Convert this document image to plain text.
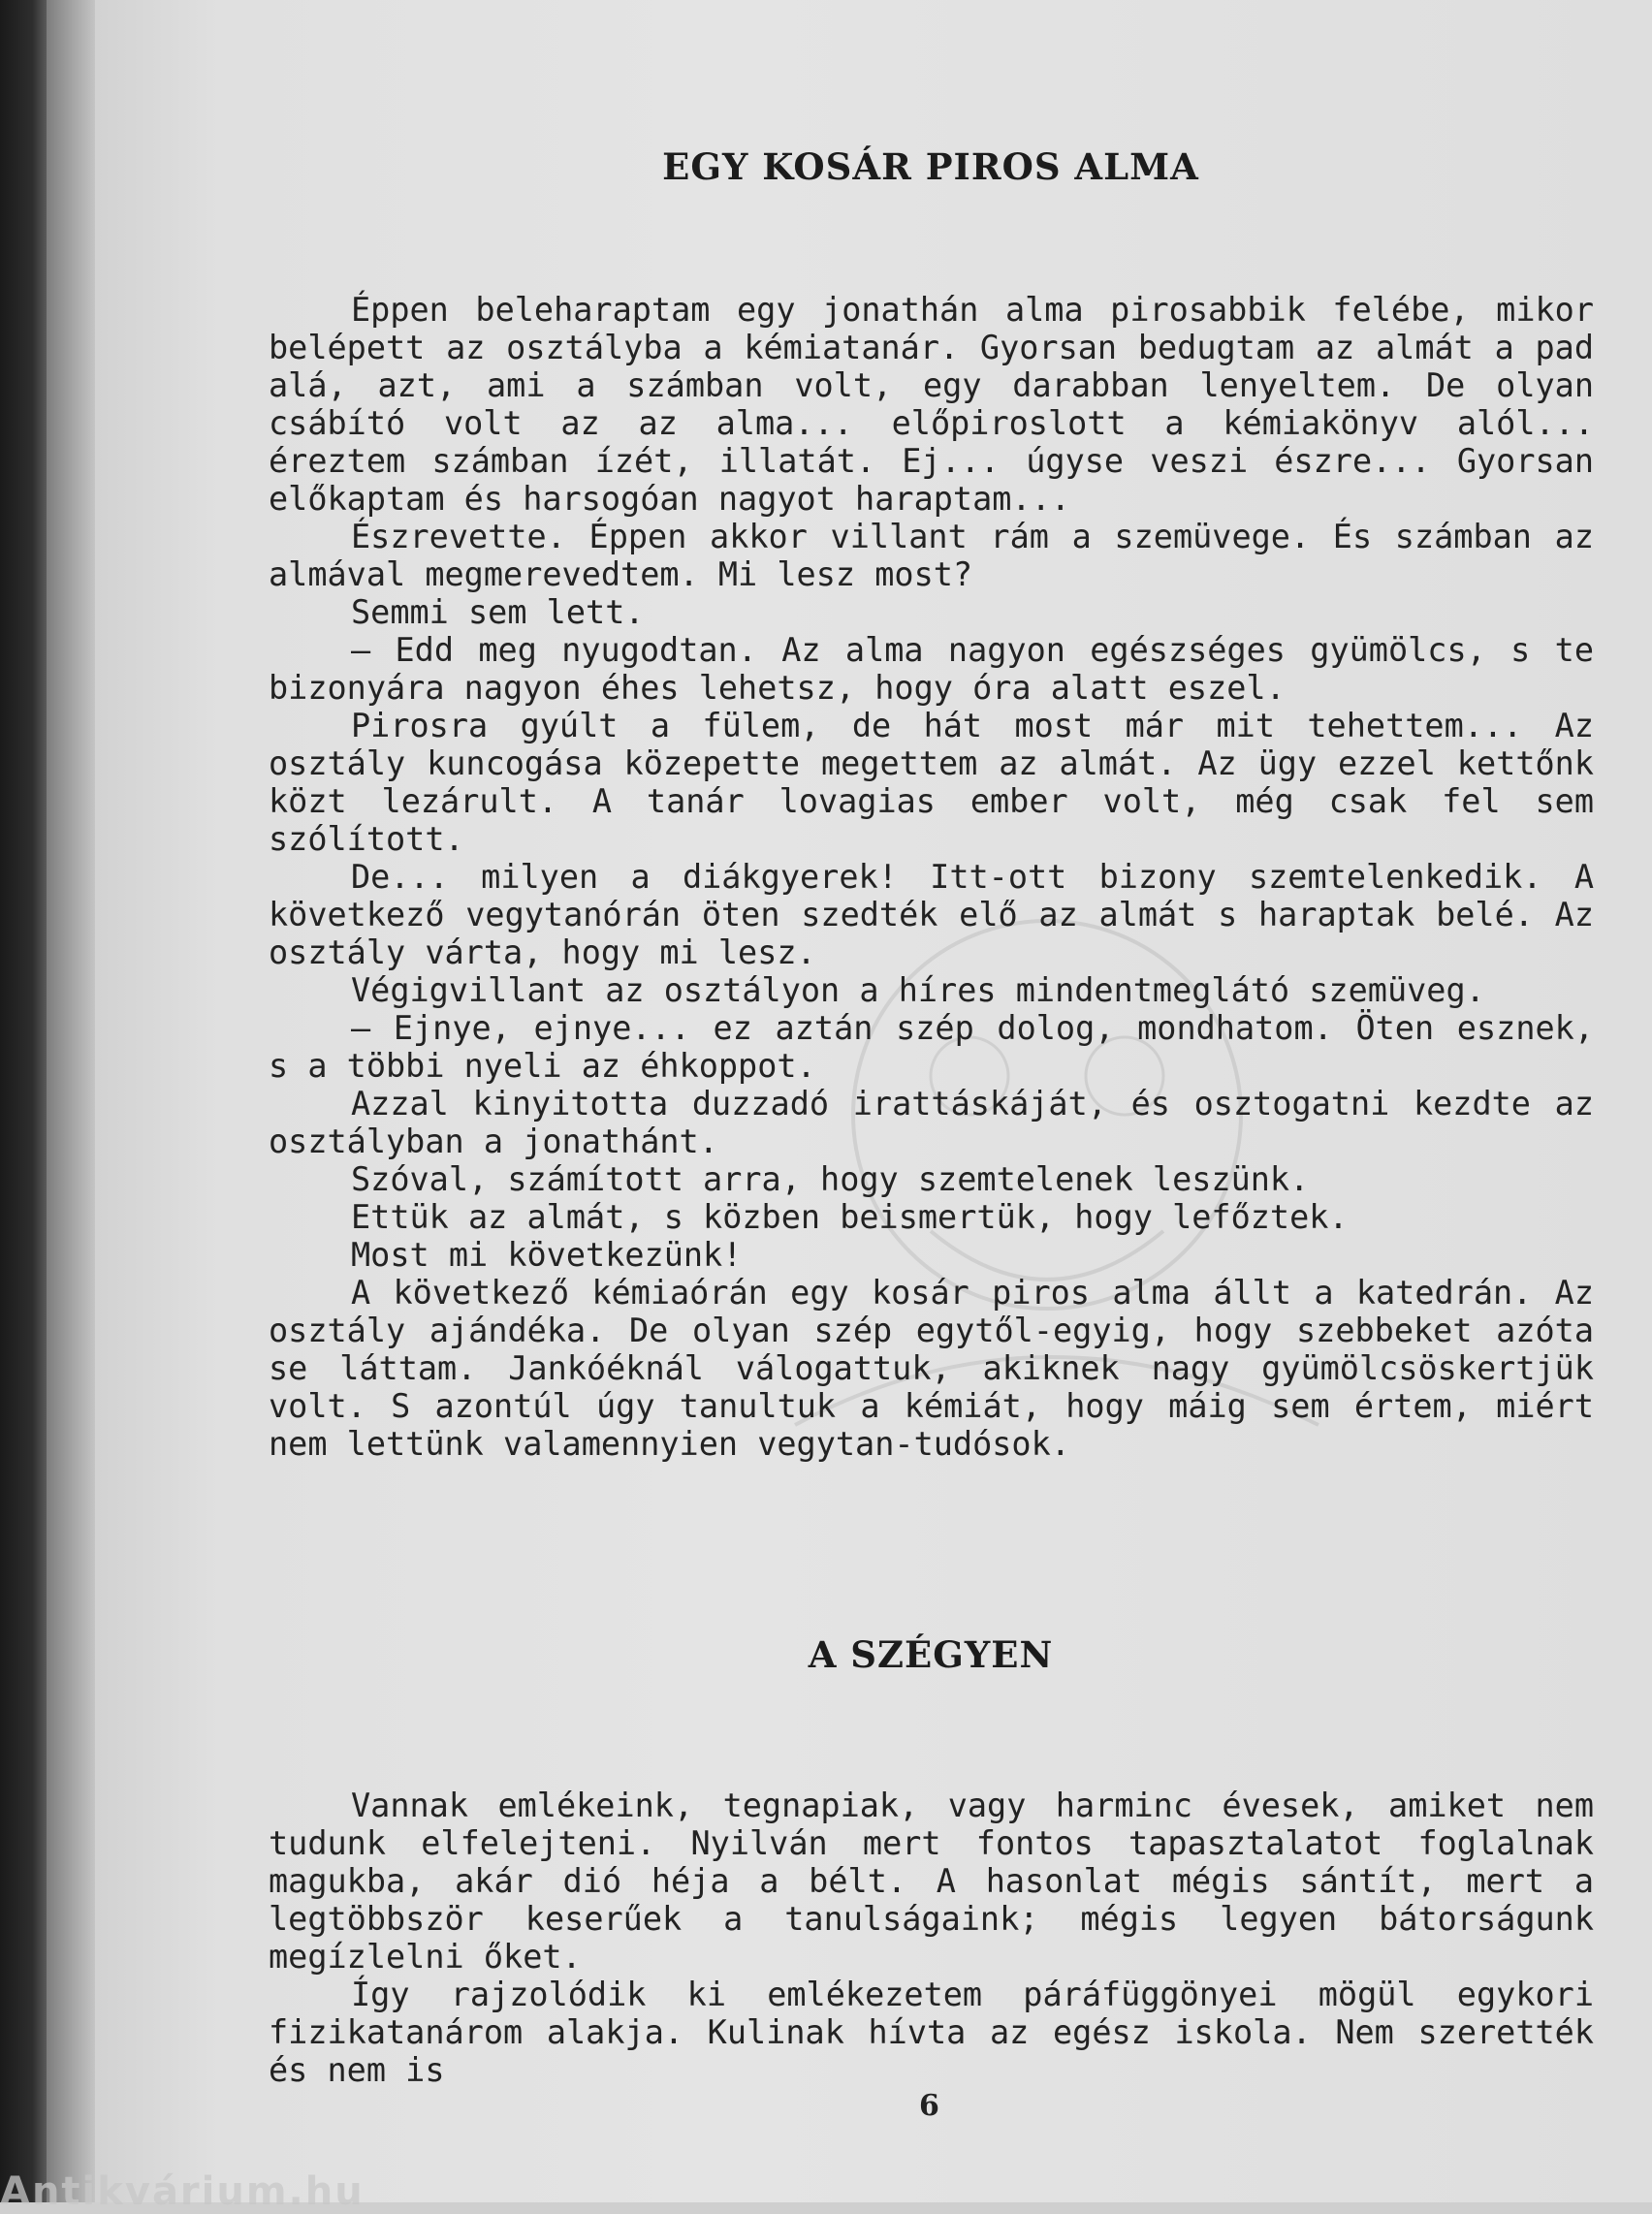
EGY KOSÁR PIROS ALMA

Éppen beleharaptam egy jonathán alma pirosabbik felébe, mikor belépett az osztályba a kémiatanár. Gyorsan bedugtam az almát a pad alá, azt, ami a számban volt, egy darabban lenyeltem. De olyan csábító volt az az alma... előpiroslott a kémiakönyv alól... éreztem számban ízét, illatát. Ej... úgyse veszi észre... Gyorsan előkaptam és harsogóan nagyot haraptam...

Észrevette. Éppen akkor villant rám a szemüvege. És számban az almával megmerevedtem. Mi lesz most?

Semmi sem lett.

— Edd meg nyugodtan. Az alma nagyon egészséges gyümölcs, s te bizonyára nagyon éhes lehetsz, hogy óra alatt eszel.

Pirosra gyúlt a fülem, de hát most már mit tehettem... Az osztály kuncogása közepette megettem az almát. Az ügy ezzel kettőnk közt lezárult. A tanár lovagias ember volt, még csak fel sem szólított.

De... milyen a diákgyerek! Itt-ott bizony szemtelenkedik. A következő vegytanórán öten szedték elő az almát s haraptak belé. Az osztály várta, hogy mi lesz.

Végigvillant az osztályon a híres mindentmeglátó szemüveg.

— Ejnye, ejnye... ez aztán szép dolog, mondhatom. Öten esznek, s a többi nyeli az éhkoppot.

Azzal kinyitotta duzzadó irattáskáját, és osztogatni kezdte az osztályban a jonathánt.

Szóval, számított arra, hogy szemtelenek leszünk.

Ettük az almát, s közben beismertük, hogy lefőztek.

Most mi következünk!

A következő kémiaórán egy kosár piros alma állt a katedrán. Az osztály ajándéka. De olyan szép egytől-egyig, hogy szebbeket azóta se láttam. Jankóéknál válogattuk, akiknek nagy gyümölcsöskertjük volt. S azontúl úgy tanultuk a kémiát, hogy máig sem értem, miért nem lettünk valamennyien vegytan-tudósok.

A SZÉGYEN

Vannak emlékeink, tegnapiak, vagy harminc évesek, amiket nem tudunk elfelejteni. Nyilván mert fontos tapasztalatot foglalnak magukba, akár dió héja a bélt. A hasonlat mégis sántít, mert a legtöbbször keserűek a tanulságaink; mégis legyen bátorságunk megízlelni őket.

Így rajzolódik ki emlékezetem páráfüggönyei mögül egykori fizikatanárom alakja. Kulinak hívta az egész iskola. Nem szerették és nem is

6
Antikvárium.hu
